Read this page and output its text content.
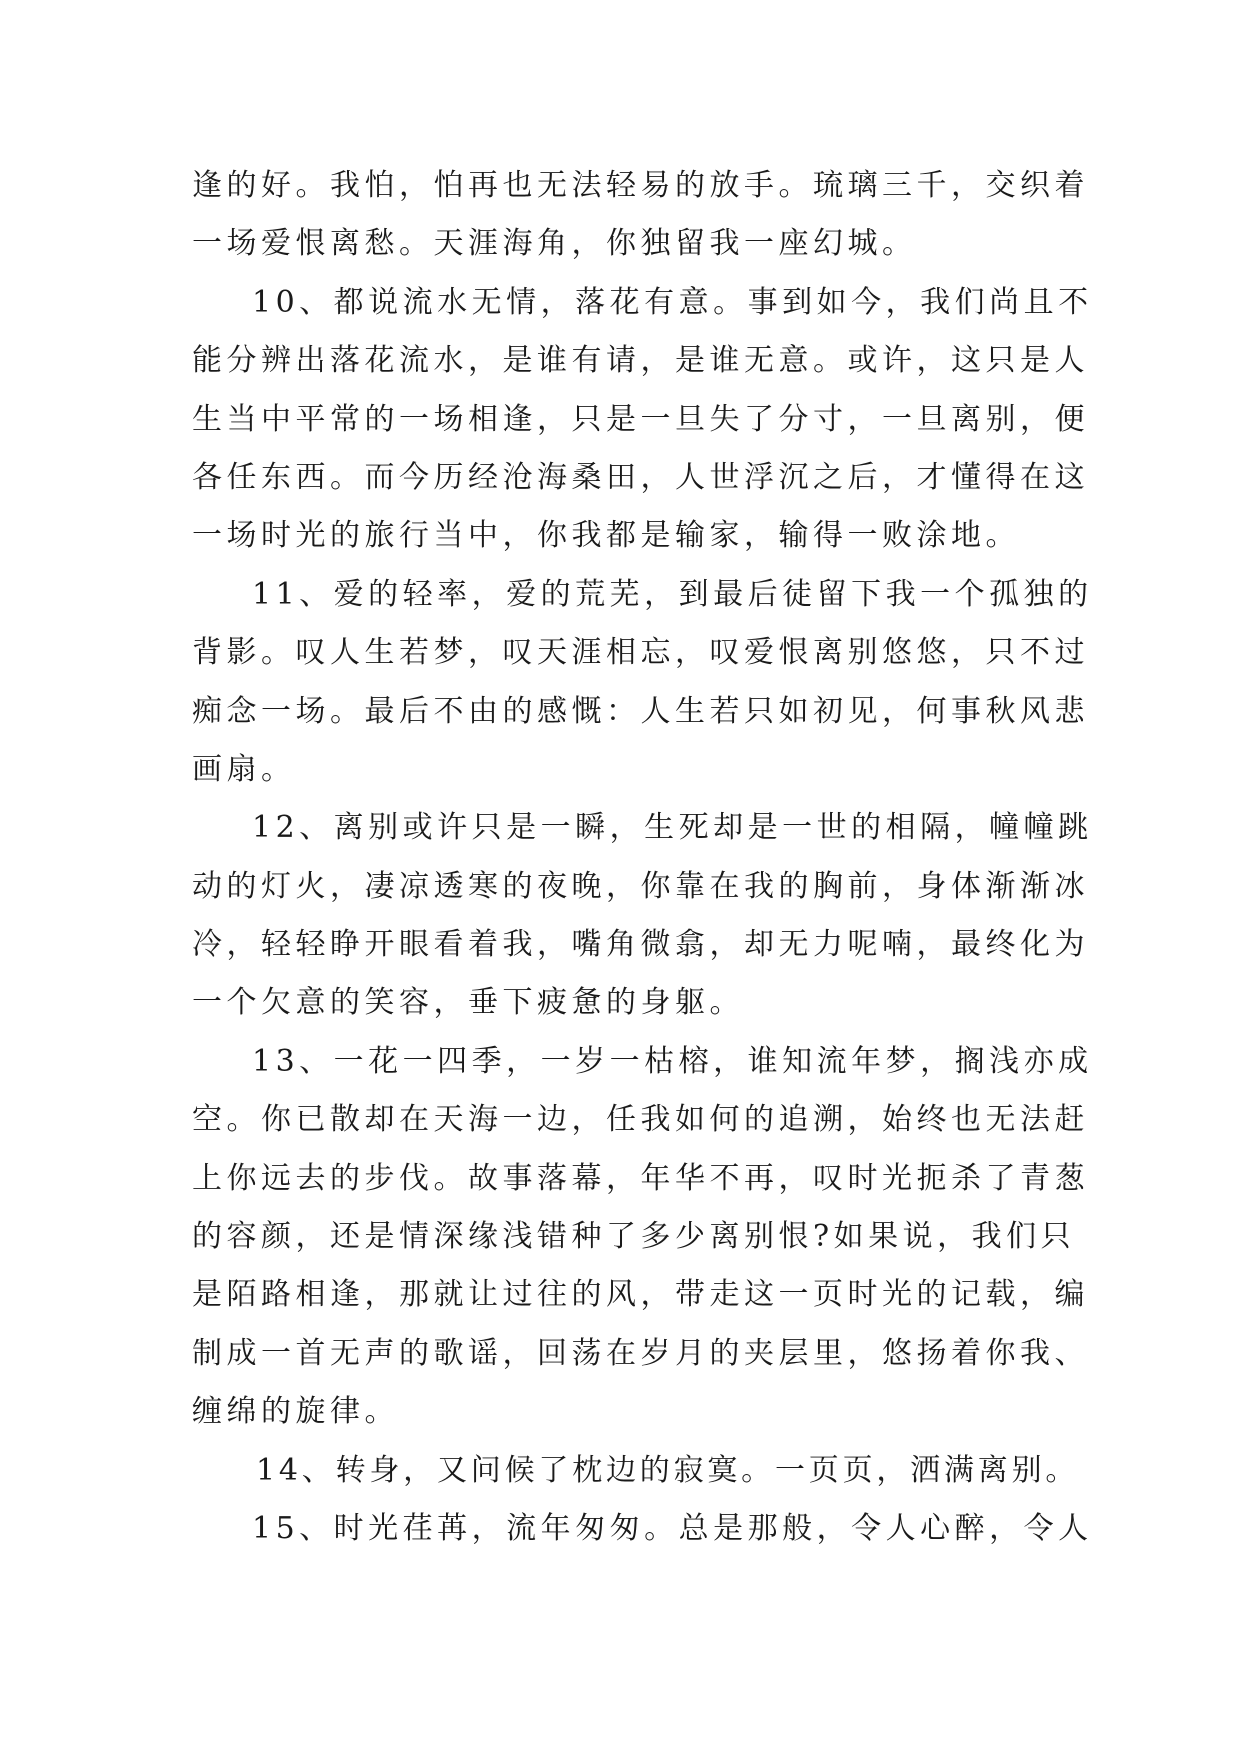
逢的好。我怕，怕再也无法轻易的放手。琉璃三千，交织着
一场爱恨离愁。天涯海角，你独留我一座幻城。
10、都说流水无情，落花有意。事到如今，我们尚且不
能分辨出落花流水，是谁有请，是谁无意。或许，这只是人
生当中平常的一场相逢，只是一旦失了分寸，一旦离别，便
各任东西。而今历经沧海桑田，人世浮沉之后，才懂得在这
一场时光的旅行当中，你我都是输家，输得一败涂地。
11、爱的轻率，爱的荒芜，到最后徒留下我一个孤独的
背影。叹人生若梦，叹天涯相忘，叹爱恨离别悠悠，只不过
痴念一场。最后不由的感慨：人生若只如初见，何事秋风悲
画扇。
12、离别或许只是一瞬，生死却是一世的相隔，幢幢跳
动的灯火，凄凉透寒的夜晚，你靠在我的胸前，身体渐渐冰
冷，轻轻睁开眼看着我，嘴角微翕，却无力呢喃，最终化为
一个欠意的笑容，垂下疲惫的身躯。
13、一花一四季，一岁一枯榕，谁知流年梦，搁浅亦成
空。你已散却在天海一边，任我如何的追溯，始终也无法赶
上你远去的步伐。故事落幕，年华不再，叹时光扼杀了青葱
的容颜，还是情深缘浅错种了多少离别恨?如果说，我们只
是陌路相逢，那就让过往的风，带走这一页时光的记载，编
制成一首无声的歌谣，回荡在岁月的夹层里，悠扬着你我、
缠绵的旋律。
14、转身，又问候了枕边的寂寞。一页页，洒满离别。
15、时光荏苒，流年匆匆。总是那般，令人心醉，令人
